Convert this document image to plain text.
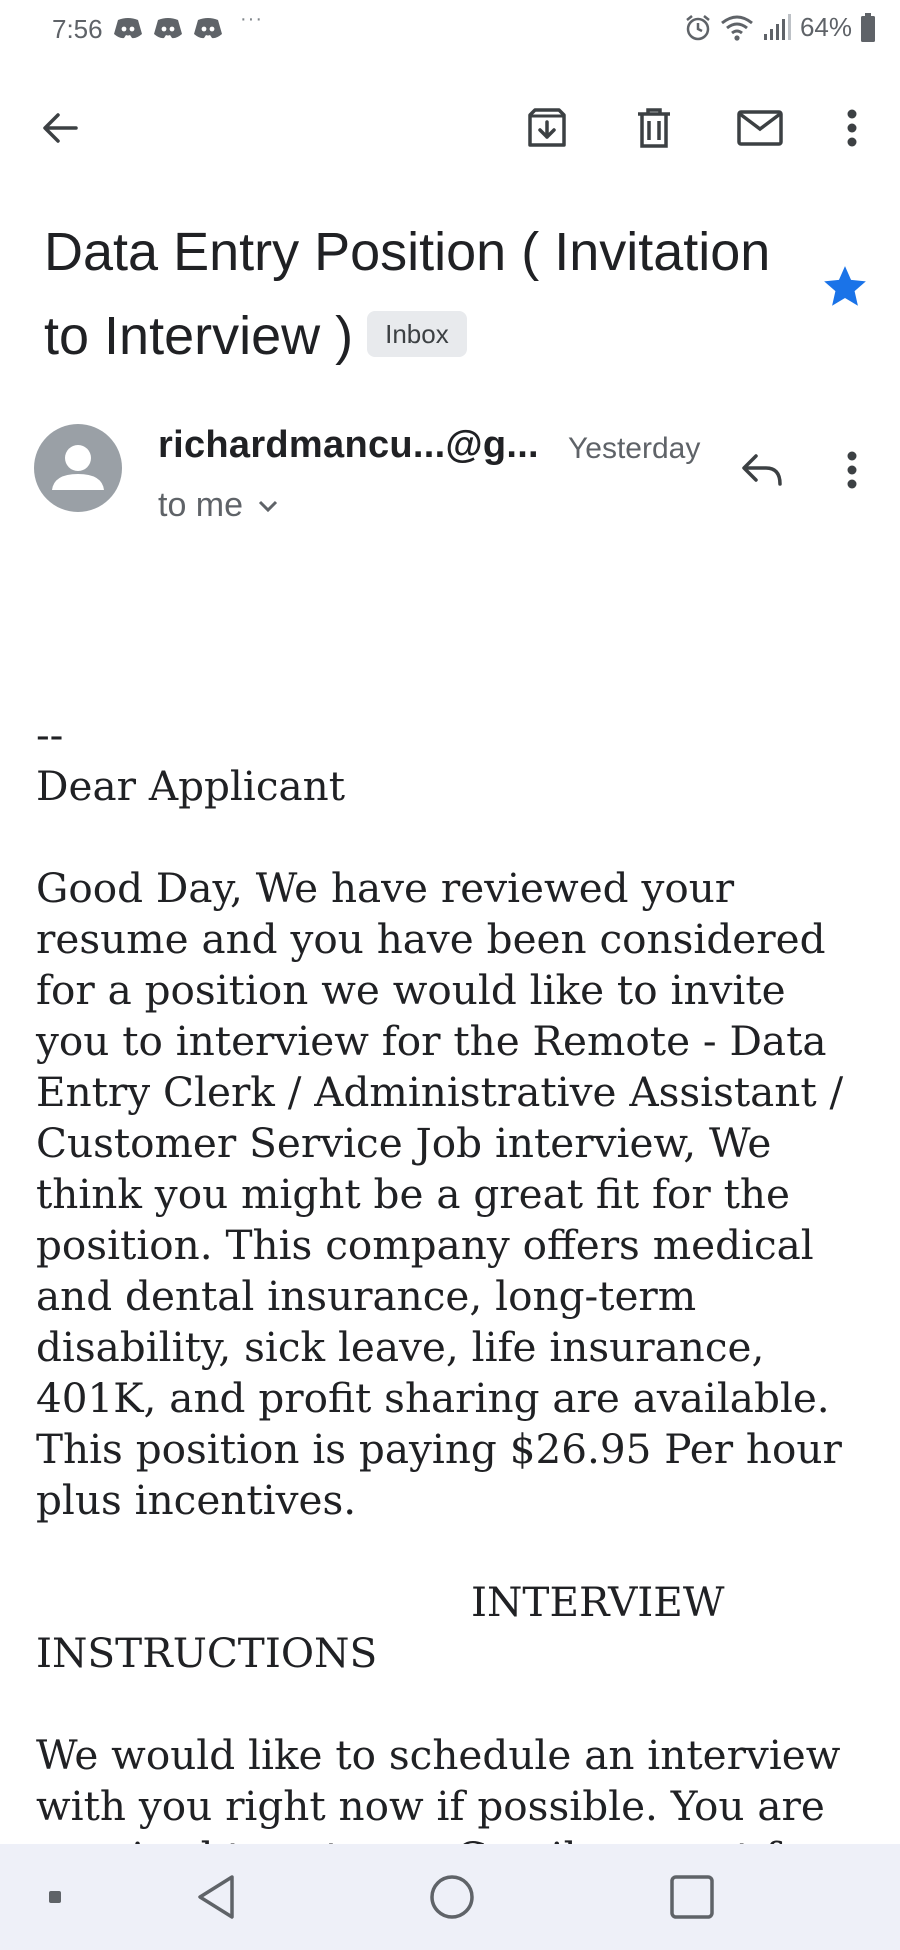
7:56	···	64%
Data Entry Position ( Invitation to Interview ) Inbox
richardmancu...@g... Yesterday
to me

--

Dear Applicant

Good Day, We have reviewed your resume and you have been considered for a position we would like to invite you to interview for the Remote - Data Entry Clerk / Administrative Assistant / Customer Service Job interview, We think you might be a great fit for the position. This company offers medical and dental insurance, long-term disability, sick leave, life insurance, 401K, and profit sharing are available. This position is paying $26.95 Per hour plus incentives.

INTERVIEW INSTRUCTIONS

We would like to schedule an interview with you right now if possible. You are
